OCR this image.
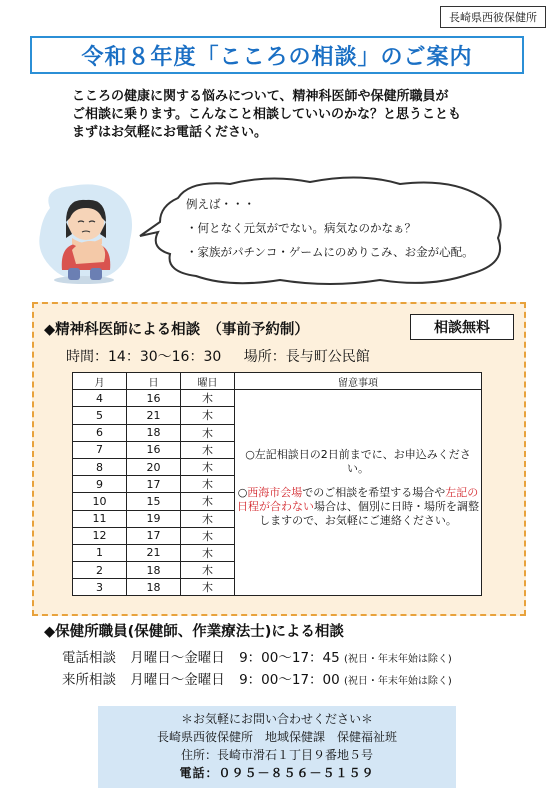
長崎県西彼保健所
令和８年度「こころの相談」のご案内

こころの健康に関する悩みについて、精神科医師や保健所職員が

ご相談に乗ります。こんなこと相談していいのかな？と思うことも

まずはお気軽にお電話ください。

例えば・・・
・何となく元気がでない。病気なのかなぁ？
・家族がパチンコ・ゲームにのめりこみ、お金が心配。
◆精神科医師による相談　（事前予約制）	相談無料
時間：14：30～16：30 場所：長与町公民館
月	日	曜日	留意事項
4	16	木	○左記相談日の2日前までに、お申込みください。

○西海市会場でのご相談を希望する場合や左記の日程が合わない場合は、個別に日時・場所を調整しますので、お気軽にご連絡ください。

5	21	木	
6	18	木	
7	16	木	
8	20	木	
9	17	木	
10	15	木	
11	19	木	
12	17	木	
1	21	木	
2	18	木	
3	18	木	
◆保健所職員(保健師、作業療法士)による相談
電話相談 月曜日～金曜日 9：00～17：45 (祝日・年末年始は除く)
来所相談 月曜日～金曜日 9：00～17：00 (祝日・年末年始は除く)
＊お気軽にお問い合わせください＊
長崎県西彼保健所　地域保健課　保健福祉班
住所：長崎市滑石１丁目９番地５号
電話：０９５－８５６－５１５９
